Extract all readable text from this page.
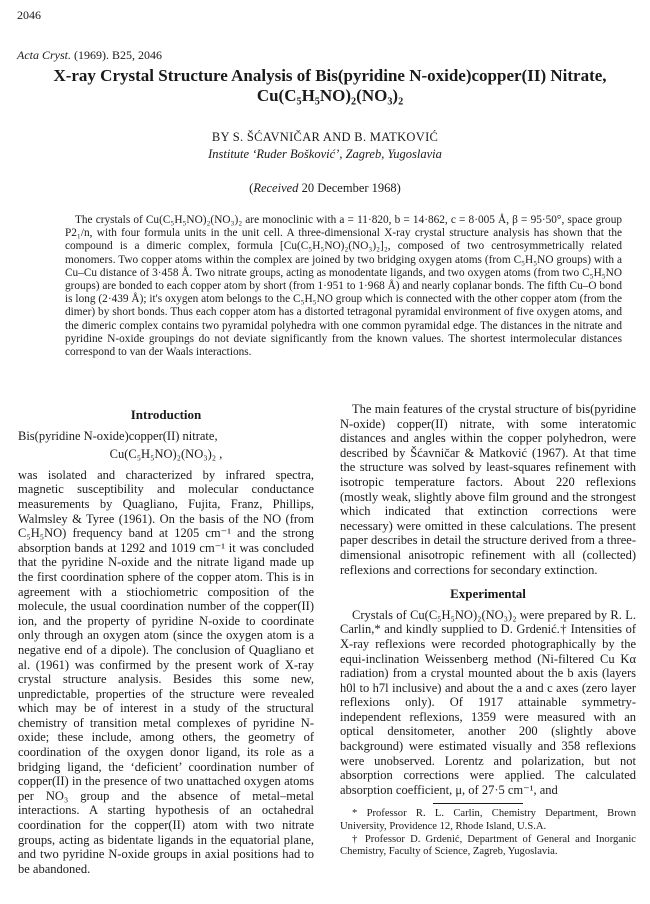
2046
Acta Cryst. (1969). B25, 2046
X-ray Crystal Structure Analysis of Bis(pyridine N-oxide)copper(II) Nitrate,
Cu(C₅H₅NO)₂(NO₃)₂
BY S. ŠĆAVNIČAR AND B. MATKOVIĆ
Institute ‘Ruder Bošković’, Zagreb, Yugoslavia
(Received 20 December 1968)
The crystals of Cu(C₅H₅NO)₂(NO₃)₂ are monoclinic with a = 11·820, b = 14·862, c = 8·005 Å, β = 95·50°, space group P2₁/n, with four formula units in the unit cell. A three-dimensional X-ray crystal structure analysis has shown that the compound is a dimeric complex, formula [Cu(C₅H₅NO)₂(NO₃)₂]₂, composed of two centrosymmetrically related monomers. Two copper atoms within the complex are joined by two bridging oxygen atoms (from C₅H₅NO groups) with a Cu–Cu distance of 3·458 Å. Two nitrate groups, acting as monodentate ligands, and two oxygen atoms (from two C₅H₅NO groups) are bonded to each copper atom by short (from 1·951 to 1·968 Å) and nearly coplanar bonds. The fifth Cu–O bond is long (2·439 Å); it's oxygen atom belongs to the C₅H₅NO group which is connected with the other copper atom (from the dimer) by short bonds. Thus each copper atom has a distorted tetragonal pyramidal environment of five oxygen atoms, and the dimeric complex contains two pyramidal polyhedra with one common pyramidal edge. The distances in the nitrate and pyridine N-oxide groupings do not deviate significantly from the known values. The shortest intermolecular distances correspond to van der Waals interactions.
Introduction

Bis(pyridine N-oxide)copper(II) nitrate,

Cu(C₅H₅NO)₂(NO₃)₂ ,

was isolated and characterized by infrared spectra, magnetic susceptibility and molecular conductance measurements by Quagliano, Fujita, Franz, Phillips, Walmsley & Tyree (1961). On the basis of the NO (from C₅H₅NO) frequency band at 1205 cm⁻¹ and the strong absorption bands at 1292 and 1019 cm⁻¹ it was concluded that the pyridine N-oxide and the nitrate ligand made up the first coordination sphere of the copper atom. This is in agreement with a stiochiometric composition of the molecule, the usual coordination number of the copper(II) ion, and the property of pyridine N-oxide to coordinate only through an oxygen atom (since the oxygen atom is a negative end of a dipole). The conclusion of Quagliano et al. (1961) was confirmed by the present work of X-ray crystal structure analysis. Besides this some new, unpredictable, properties of the structure were revealed which may be of interest in a study of the structural chemistry of transition metal complexes of pyridine N-oxide; these include, among others, the geometry of coordination of the oxygen donor ligand, its role as a bridging ligand, the ‘deficient’ coordination number of copper(II) in the presence of two unattached oxygen atoms per NO₃ group and the absence of metal–metal interactions. A starting hypothesis of an octahedral coordination for the copper(II) atom with two nitrate groups, acting as bidentate ligands in the equatorial plane, and two pyridine N-oxide groups in axial positions had to be abandoned.

The main features of the crystal structure of bis(pyridine N-oxide) copper(II) nitrate, with some interatomic distances and angles within the copper polyhedron, were described by Šćavničar & Matković (1967). At that time the structure was solved by least-squares refinement with isotropic temperature factors. About 220 reflexions (mostly weak, slightly above film ground and the strongest which indicated that extinction corrections were necessary) were omitted in these calculations. The present paper describes in detail the structure derived from a three-dimensional anisotropic refinement with all (collected) reflexions and corrections for secondary extinction.

Experimental

Crystals of Cu(C₅H₅NO)₂(NO₃)₂ were prepared by R. L. Carlin,* and kindly supplied to D. Grdenić.† Intensities of X-ray reflexions were recorded photographically by the equi-inclination Weissenberg method (Ni-filtered Cu Kα radiation) from a crystal mounted about the b axis (layers h0l to h7l inclusive) and about the a and c axes (zero layer reflexions only). Of 1917 attainable symmetry-independent reflexions, 1359 were measured with an optical densitometer, another 200 (slightly above background) were estimated visually and 358 reflexions were unobserved. Lorentz and polarization, but not absorption corrections were applied. The calculated absorption coefficient, μ, of 27·5 cm⁻¹, and

* Professor R. L. Carlin, Chemistry Department, Brown University, Providence 12, Rhode Island, U.S.A.

† Professor D. Grdenić, Department of General and Inorganic Chemistry, Faculty of Science, Zagreb, Yugoslavia.
